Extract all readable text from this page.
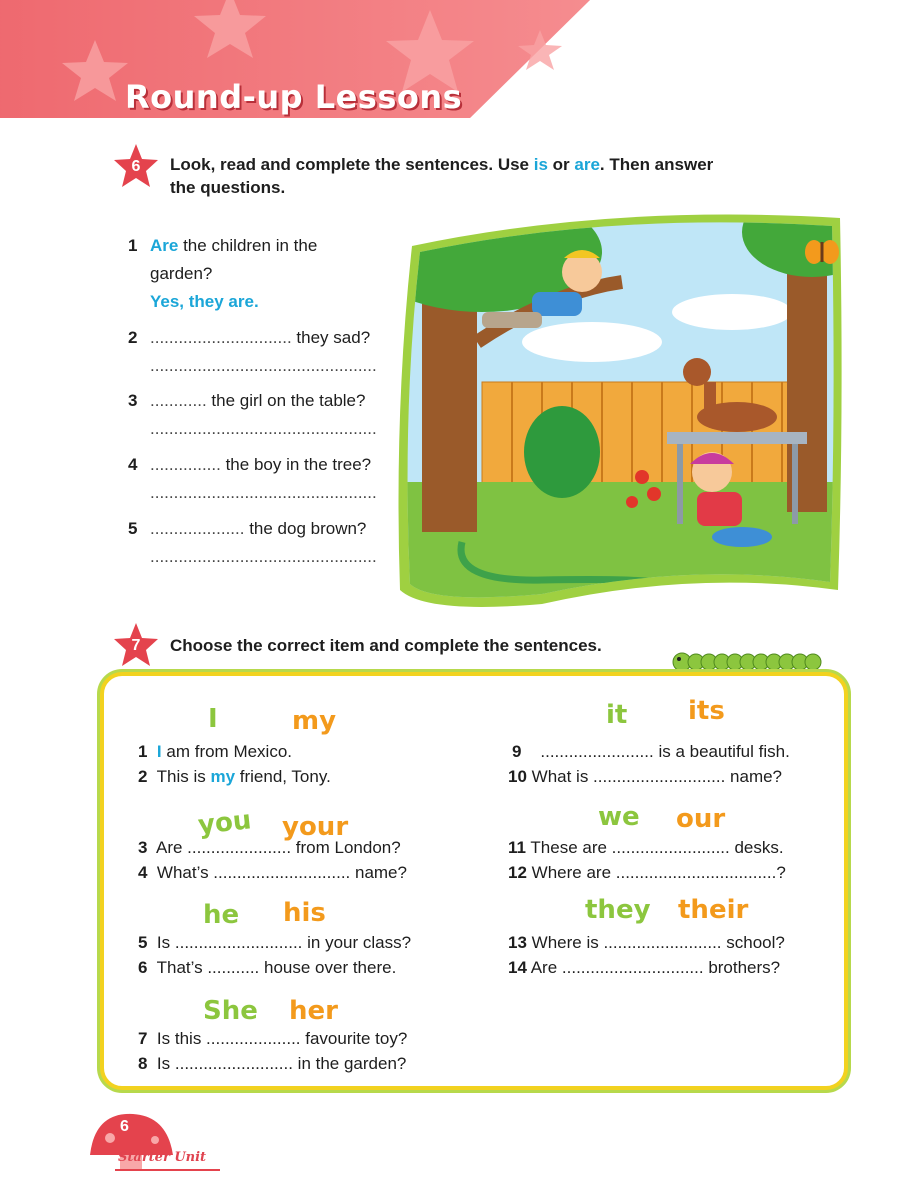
Round-up Lessons
6	Look, read and complete the sentences. Use is or are. Then answer
the questions.
1 Are the children in the
garden?
Yes, they are.
2 .............................. they sad?
................................................
3 ............ the girl on the table?
................................................
4 ............... the boy in the tree?
................................................
5 .................... the dog brown?
................................................
7	Choose the correct item and complete the sentences.
I	my
1 I am from Mexico.
2 This is my friend, Tony.
you your
3 Are ...................... from London?
4 What’s ............................. name?
he his
5 Is ........................... in your class?
6 That’s ........... house over there.
She her
7 Is this .................... favourite toy?
8 Is ......................... in the garden?
it its
9 ........................ is a beautiful fish.
10 What is ............................ name?
we our
11 These are ......................... desks.
12 Where are ..................................?
they their
13 Where is ......................... school?
14 Are .............................. brothers?
6
Starter Unit
